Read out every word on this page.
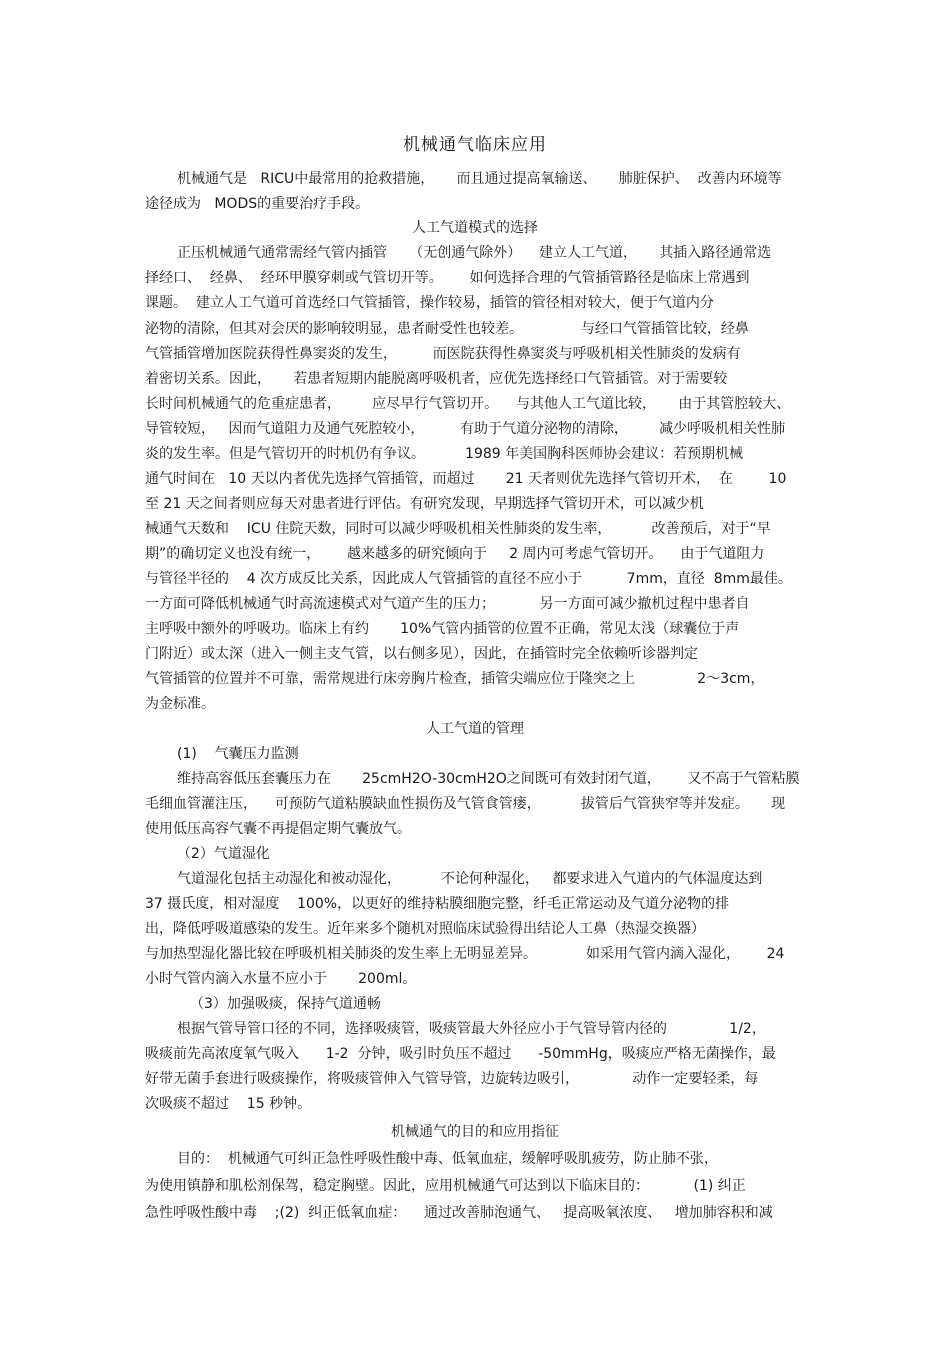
机械通气临床应用
机械通气是   RICU中最常用的抢救措施，     而且通过提高氧输送、     肺脏保护、  改善内环境等
途径成为   MODS的重要治疗手段。
人工气道模式的选择
正压机械通气通常需经气管内插管     （无创通气除外）    建立人工气道，     其插入路径通常选
择经口、  经鼻、  经环甲膜穿刺或气管切开等。      如何选择合理的气管插管路径是临床上常遇到
课题。  建立人工气道可首选经口气管插管，操作较易，插管的管径相对较大，便于气道内分
泌物的清除，但其对会厌的影响较明显，患者耐受性也较差。             与经口气管插管比较，经鼻
气管插管增加医院获得性鼻窦炎的发生，        而医院获得性鼻窦炎与呼吸机相关性肺炎的发病有
着密切关系。因此，     若患者短期内能脱离呼吸机者，应优先选择经口气管插管。对于需要较
长时间机械通气的危重症患者，       应尽早行气管切开。    与其他人工气道比较，     由于其管腔较大、
导管较短，   因而气道阻力及通气死腔较小，        有助于气道分泌物的清除，       减少呼吸机相关性肺
炎的发生率。但是气管切开的时机仍有争议。         1989 年美国胸科医师协会建议：若预期机械
通气时间在   10 天以内者优先选择气管插管，而超过       21 天者则优先选择气管切开术，  在        10
至 21 天之间者则应每天对患者进行评估。有研究发现，早期选择气管切开术，可以减少机
械通气天数和    ICU 住院天数，同时可以减少呼吸机相关性肺炎的发生率，         改善预后，对于“早
期”的确切定义也没有统一，      越来越多的研究倾向于     2 周内可考虑气管切开。    由于气道阻力
与管径半径的    4 次方成反比关系，因此成人气管插管的直径不应小于          7mm，直径  8mm最佳。
一方面可降低机械通气时高流速模式对气道产生的压力；          另一方面可减少撤机过程中患者自
主呼吸中额外的呼吸功。临床上有约       10%气管内插管的位置不正确，常见太浅（球囊位于声
门附近）或太深（进入一侧主支气管，以右侧多见），因此，在插管时完全依赖听诊器判定
气管插管的位置并不可靠，需常规进行床旁胸片检查，插管尖端应位于隆突之上              2～3cm，
为金标准。
人工气道的管理
(1)    气囊压力监测
维持高容低压套囊压力在       25cmH2O-30cmH2O之间既可有效封闭气道，      又不高于气管粘膜
毛细血管灌注压，    可预防气道粘膜缺血性损伤及气管食管瘘，         拔管后气管狭窄等并发症。     现
使用低压高容气囊不再提倡定期气囊放气。
（2）气道湿化
气道湿化包括主动湿化和被动湿化，         不论何种湿化，   都要求进入气道内的气体温度达到
37 摄氏度，相对湿度    100%，以更好的维持粘膜细胞完整，纤毛正常运动及气道分泌物的排
出，降低呼吸道感染的发生。近年来多个随机对照临床试验得出结论人工鼻（热湿交换器）
与加热型湿化器比较在呼吸机相关肺炎的发生率上无明显差异。           如采用气管内滴入湿化，      24
小时气管内滴入水量不应小于       200ml。
（3）加强吸痰，保持气道通畅
根据气管导管口径的不同，选择吸痰管，吸痰管最大外径应小于气管导管内径的              1/2，
吸痰前先高浓度氧气吸入      1-2  分钟，吸引时负压不超过      -50mmHg，吸痰应严格无菌操作，最
好带无菌手套进行吸痰操作，将吸痰管伸入气管导管，边旋转边吸引，            动作一定要轻柔，每
次吸痰不超过    15 秒钟。
机械通气的目的和应用指征
目的：  机械通气可纠正急性呼吸性酸中毒、低氧血症，缓解呼吸肌疲劳，防止肺不张，
为使用镇静和肌松剂保驾，稳定胸壁。因此，应用机械通气可达到以下临床目的：          (1) 纠正
急性呼吸性酸中毒    ;(2)  纠正低氧血症：    通过改善肺泡通气、   提高吸氧浓度、   增加肺容积和减
